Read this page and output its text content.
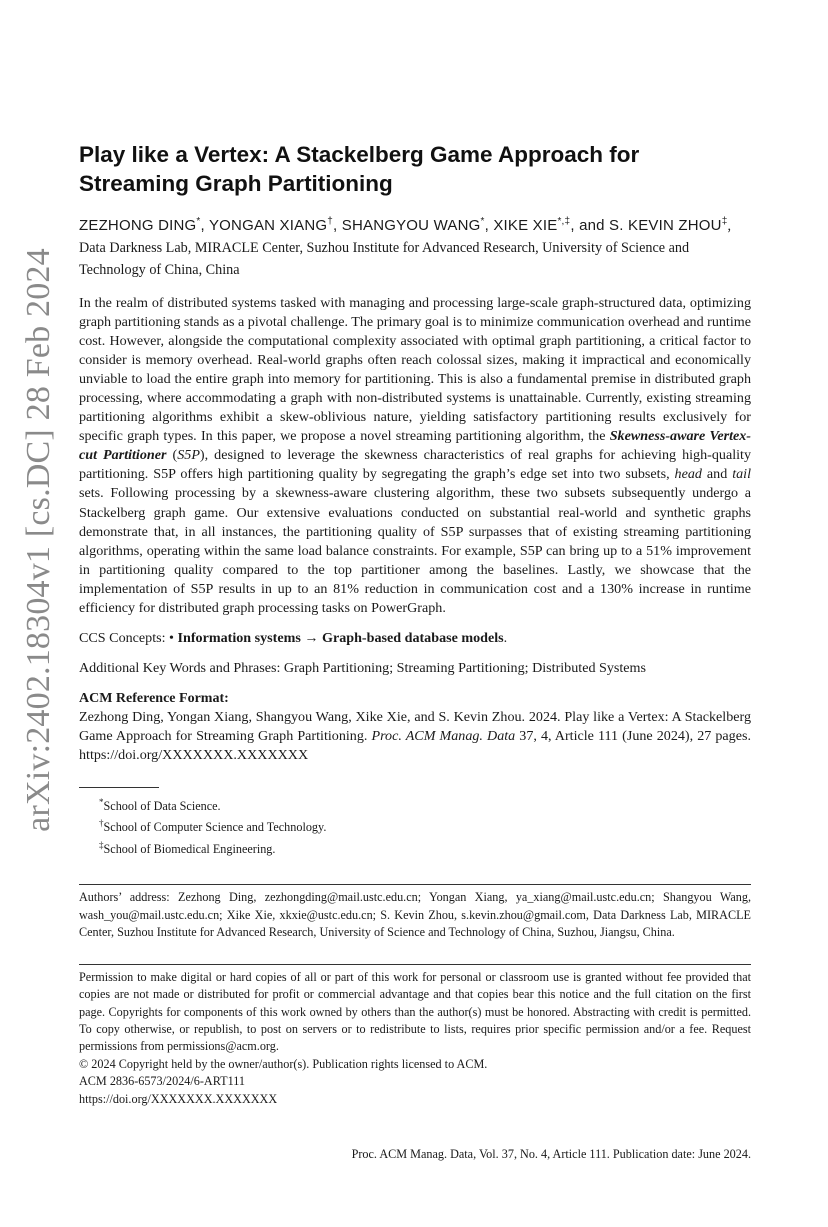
arXiv:2402.18304v1 [cs.DC] 28 Feb 2024
Play like a Vertex: A Stackelberg Game Approach for Streaming Graph Partitioning
ZEZHONG DING*, YONGAN XIANG†, SHANGYOU WANG*, XIKE XIE*,‡, and S. KEVIN ZHOU‡, Data Darkness Lab, MIRACLE Center, Suzhou Institute for Advanced Research, University of Science and Technology of China, China

In the realm of distributed systems tasked with managing and processing large-scale graph-structured data, optimizing graph partitioning stands as a pivotal challenge. The primary goal is to minimize communication overhead and runtime cost. However, alongside the computational complexity associated with optimal graph partitioning, a critical factor to consider is memory overhead. Real-world graphs often reach colossal sizes, making it impractical and economically unviable to load the entire graph into memory for partitioning. This is also a fundamental premise in distributed graph processing, where accommodating a graph with non-distributed systems is unattainable. Currently, existing streaming partitioning algorithms exhibit a skew-oblivious nature, yielding satisfactory partitioning results exclusively for specific graph types. In this paper, we propose a novel streaming partitioning algorithm, the Skewness-aware Vertex-cut Partitioner (S5P), designed to leverage the skewness characteristics of real graphs for achieving high-quality partitioning. S5P offers high partitioning quality by segregating the graph’s edge set into two subsets, head and tail sets. Following processing by a skewness-aware clustering algorithm, these two subsets subsequently undergo a Stackelberg graph game. Our extensive evaluations conducted on substantial real-world and synthetic graphs demonstrate that, in all instances, the partitioning quality of S5P surpasses that of existing streaming partitioning algorithms, operating within the same load balance constraints. For example, S5P can bring up to a 51% improvement in partitioning quality compared to the top partitioner among the baselines. Lastly, we showcase that the implementation of S5P results in up to an 81% reduction in communication cost and a 130% increase in runtime efficiency for distributed graph processing tasks on PowerGraph.

CCS Concepts: • Information systems → Graph-based database models.

Additional Key Words and Phrases: Graph Partitioning; Streaming Partitioning; Distributed Systems

ACM Reference Format:
Zezhong Ding, Yongan Xiang, Shangyou Wang, Xike Xie, and S. Kevin Zhou. 2024. Play like a Vertex: A Stackelberg Game Approach for Streaming Graph Partitioning. Proc. ACM Manag. Data 37, 4, Article 111 (June 2024), 27 pages. https://doi.org/XXXXXXX.XXXXXXX
*School of Data Science.
†School of Computer Science and Technology.
‡School of Biomedical Engineering.

Authors’ address: Zezhong Ding, zezhongding@mail.ustc.edu.cn; Yongan Xiang, ya_xiang@mail.ustc.edu.cn; Shangyou Wang, wash_you@mail.ustc.edu.cn; Xike Xie, xkxie@ustc.edu.cn; S. Kevin Zhou, s.kevin.zhou@gmail.com, Data Darkness Lab, MIRACLE Center, Suzhou Institute for Advanced Research, University of Science and Technology of China, Suzhou, Jiangsu, China.

Permission to make digital or hard copies of all or part of this work for personal or classroom use is granted without fee provided that copies are not made or distributed for profit or commercial advantage and that copies bear this notice and the full citation on the first page. Copyrights for components of this work owned by others than the author(s) must be honored. Abstracting with credit is permitted. To copy otherwise, or republish, to post on servers or to redistribute to lists, requires prior specific permission and/or a fee. Request permissions from permissions@acm.org.
© 2024 Copyright held by the owner/author(s). Publication rights licensed to ACM.
ACM 2836-6573/2024/6-ART111
https://doi.org/XXXXXXX.XXXXXXX
Proc. ACM Manag. Data, Vol. 37, No. 4, Article 111. Publication date: June 2024.
